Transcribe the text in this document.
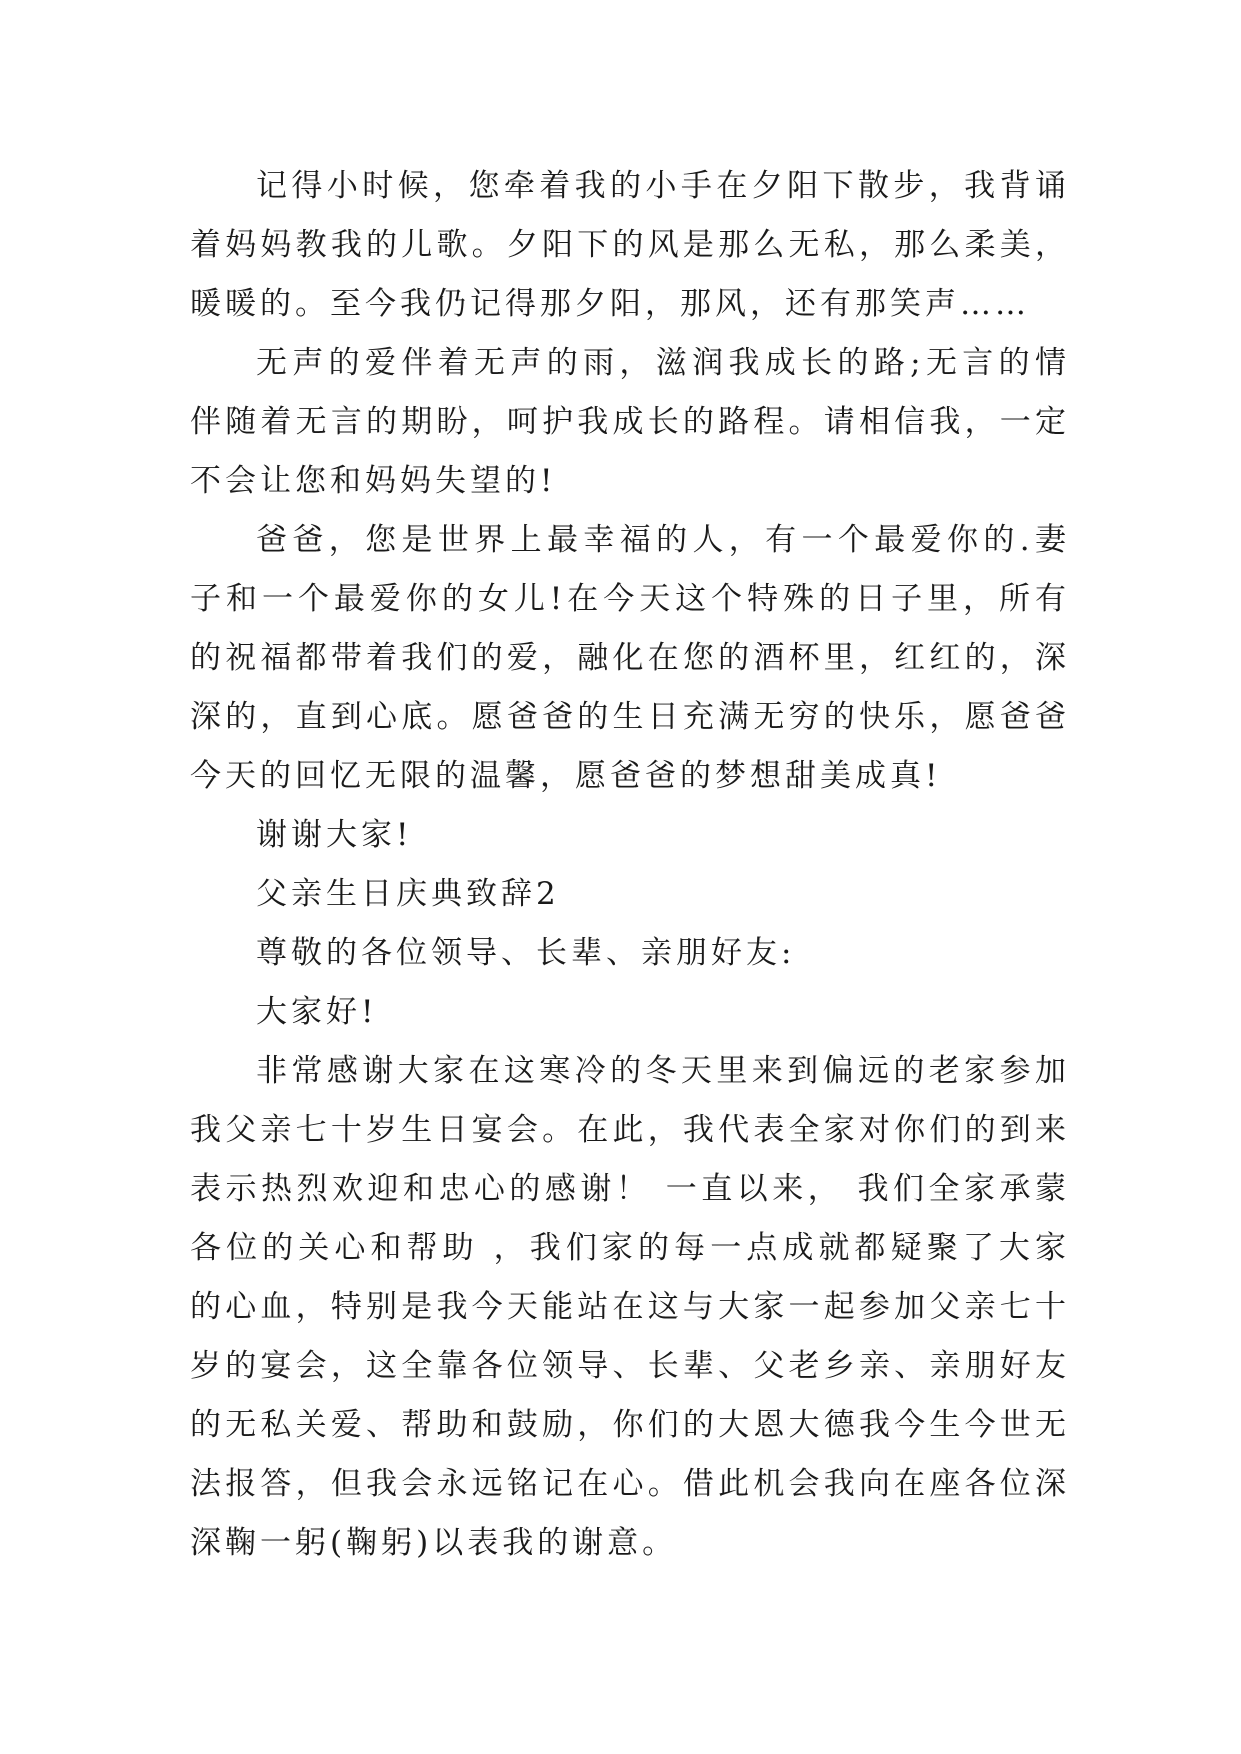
记得小时候，您牵着我的小手在夕阳下散步，我背诵着妈妈教我的儿歌。夕阳下的风是那么无私，那么柔美，暖暖的。至今我仍记得那夕阳，那风，还有那笑声……

无声的爱伴着无声的雨，滋润我成长的路;无言的情伴随着无言的期盼，呵护我成长的路程。请相信我，一定不会让您和妈妈失望的!

爸爸，您是世界上最幸福的人，有一个最爱你的.妻子和一个最爱你的女儿!在今天这个特殊的日子里，所有的祝福都带着我们的爱，融化在您的酒杯里，红红的，深深的，直到心底。愿爸爸的生日充满无穷的快乐，愿爸爸今天的回忆无限的温馨，愿爸爸的梦想甜美成真!

谢谢大家!

父亲生日庆典致辞2

尊敬的各位领导、长辈、亲朋好友:

大家好!

非常感谢大家在这寒冷的冬天里来到偏远的老家参加我父亲七十岁生日宴会。在此，我代表全家对你们的到来表示热烈欢迎和忠心的感谢！ 一直以来， 我们全家承蒙各位的关心和帮助 ，我们家的每一点成就都疑聚了大家的心血，特别是我今天能站在这与大家一起参加父亲七十岁的宴会，这全靠各位领导、长辈、父老乡亲、亲朋好友的无私关爱、帮助和鼓励，你们的大恩大德我今生今世无法报答，但我会永远铭记在心。借此机会我向在座各位深深鞠一躬(鞠躬)以表我的谢意。
